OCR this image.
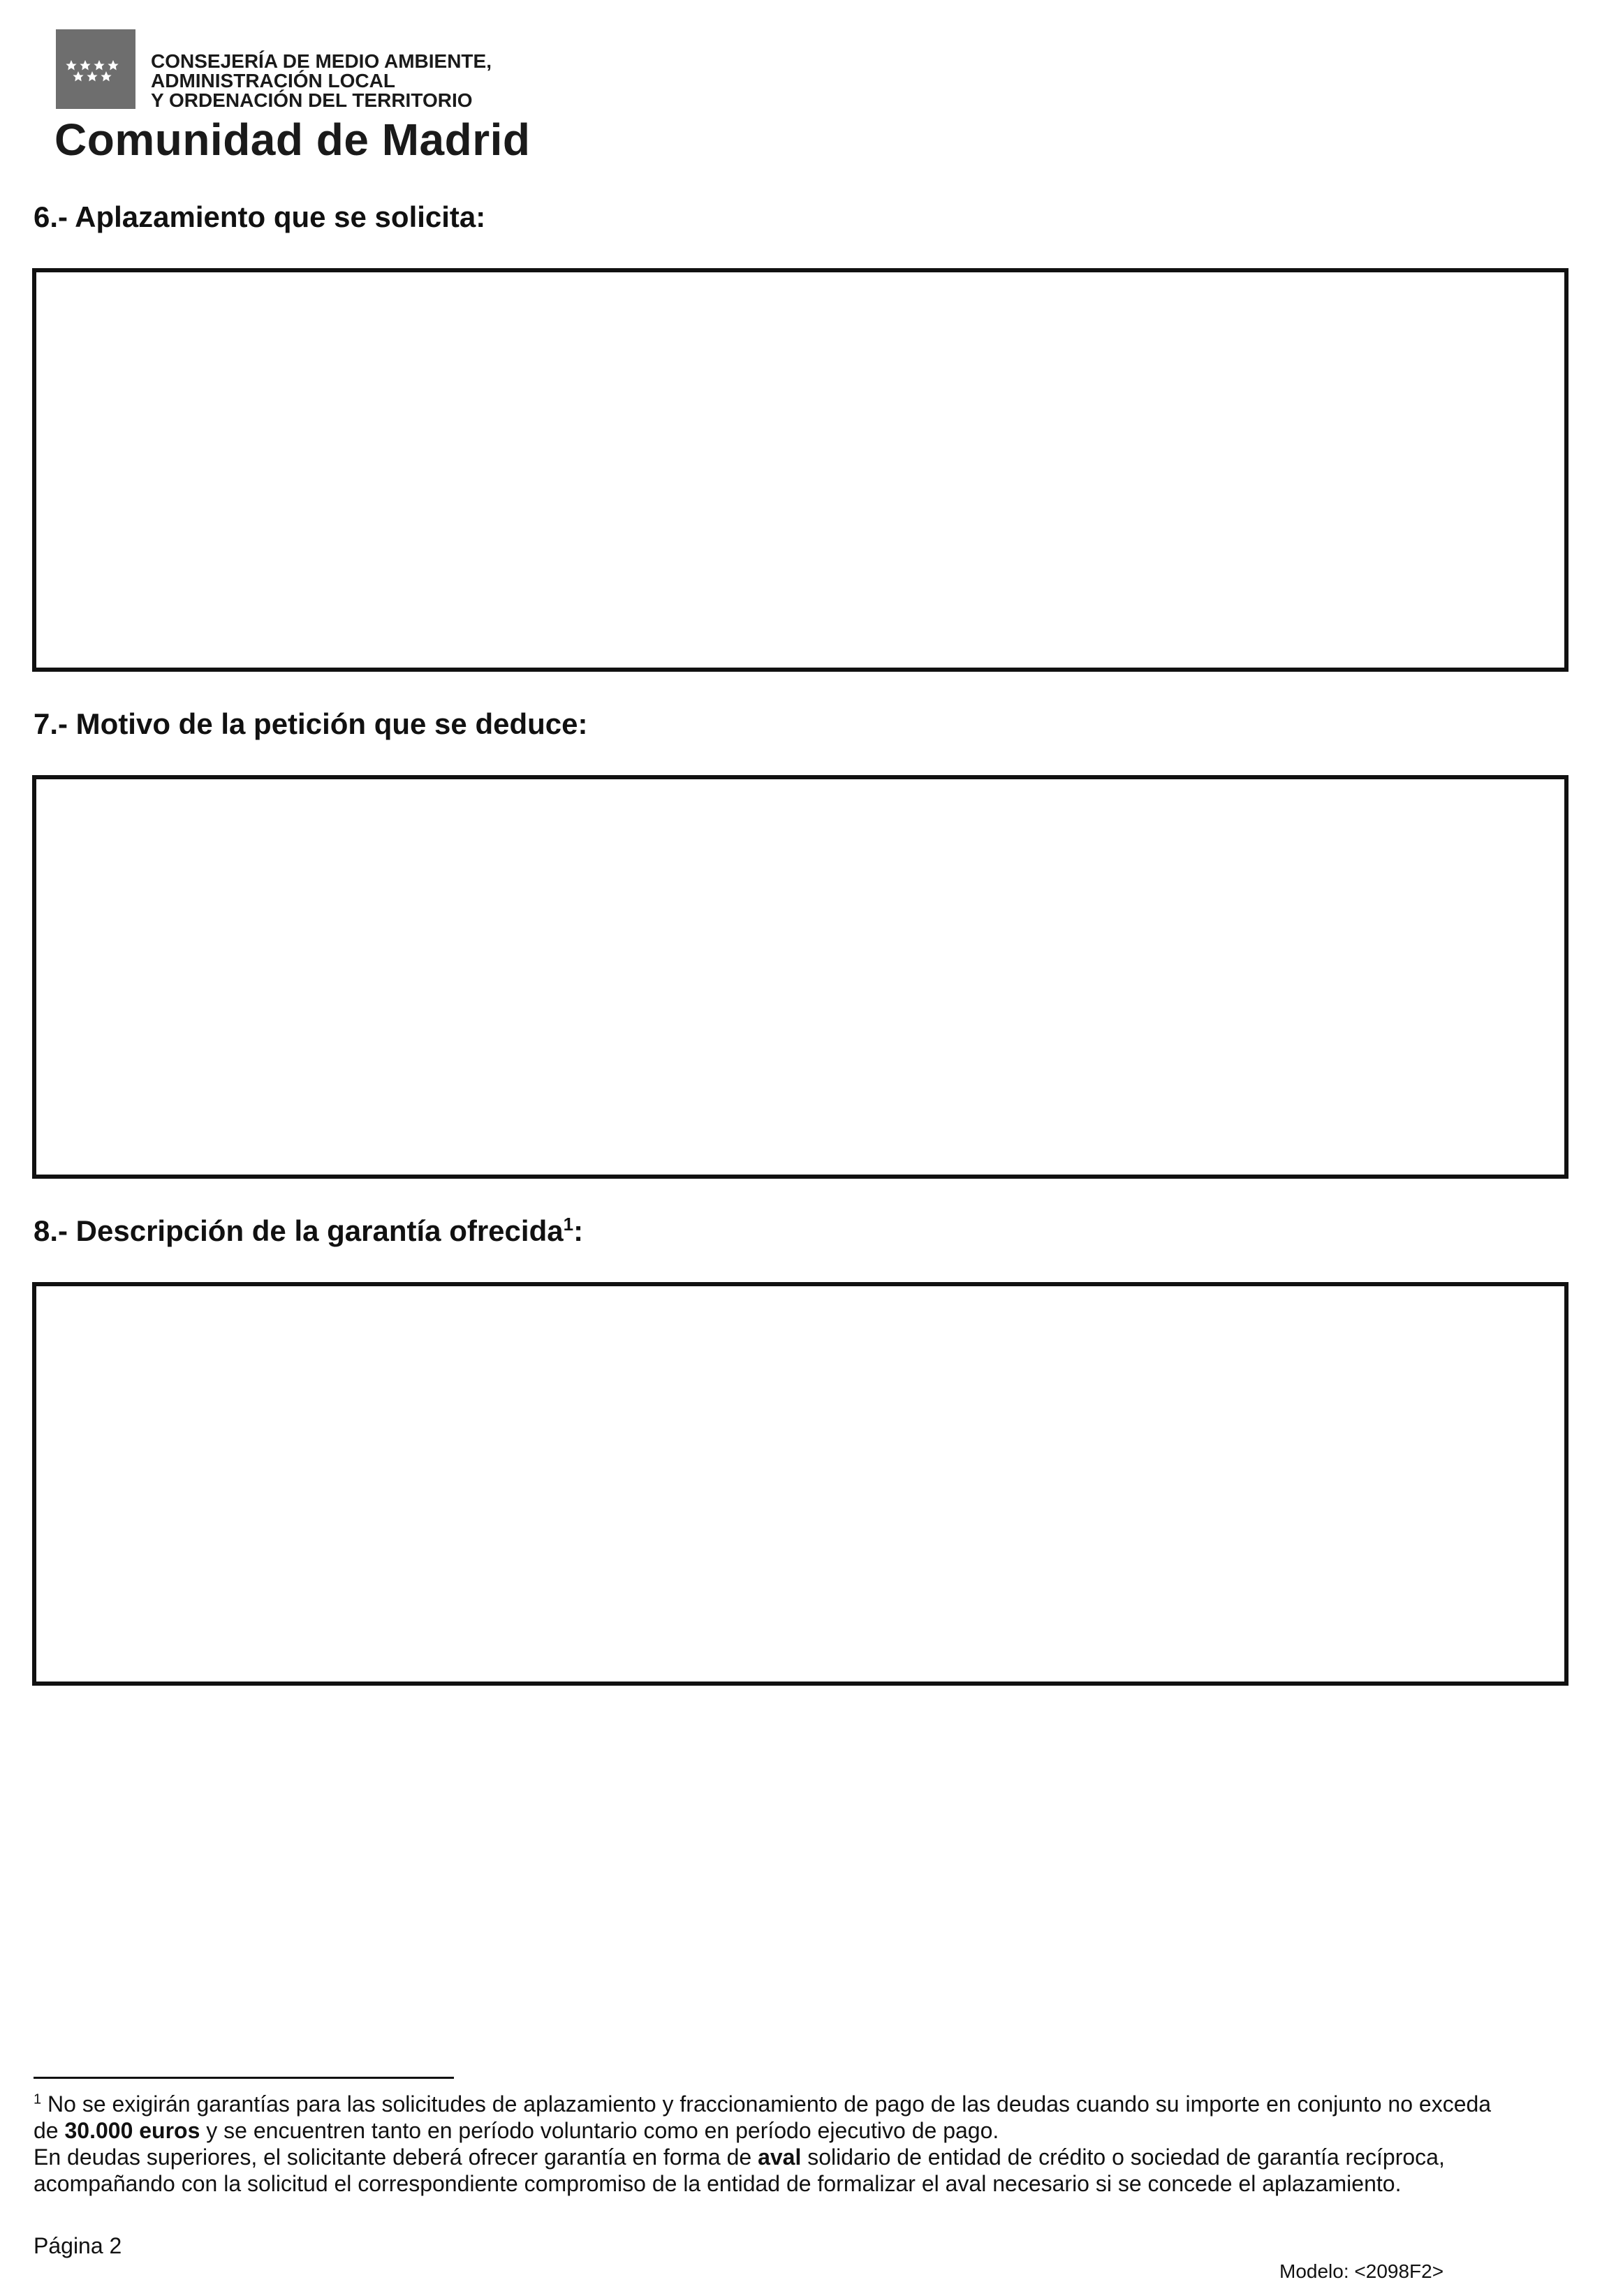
CONSEJERÍA DE MEDIO AMBIENTE,
ADMINISTRACIÓN LOCAL
Y ORDENACIÓN DEL TERRITORIO
Comunidad de Madrid
6.- Aplazamiento que se solicita:
7.- Motivo de la petición que se deduce:
8.- Descripción de la garantía ofrecida$^1$:

$^1$ No se exigirán garantías para las solicitudes de aplazamiento y fraccionamiento de pago de las deudas cuando su importe en conjunto no exceda

de 30.000 euros y se encuentren tanto en período voluntario como en período ejecutivo de pago.

En deudas superiores, el solicitante deberá ofrecer garantía en forma de aval solidario de entidad de crédito o sociedad de garantía recíproca,

acompañando con la solicitud el correspondiente compromiso de la entidad de formalizar el aval necesario si se concede el aplazamiento.

Página 2
Modelo: <2098F2>
